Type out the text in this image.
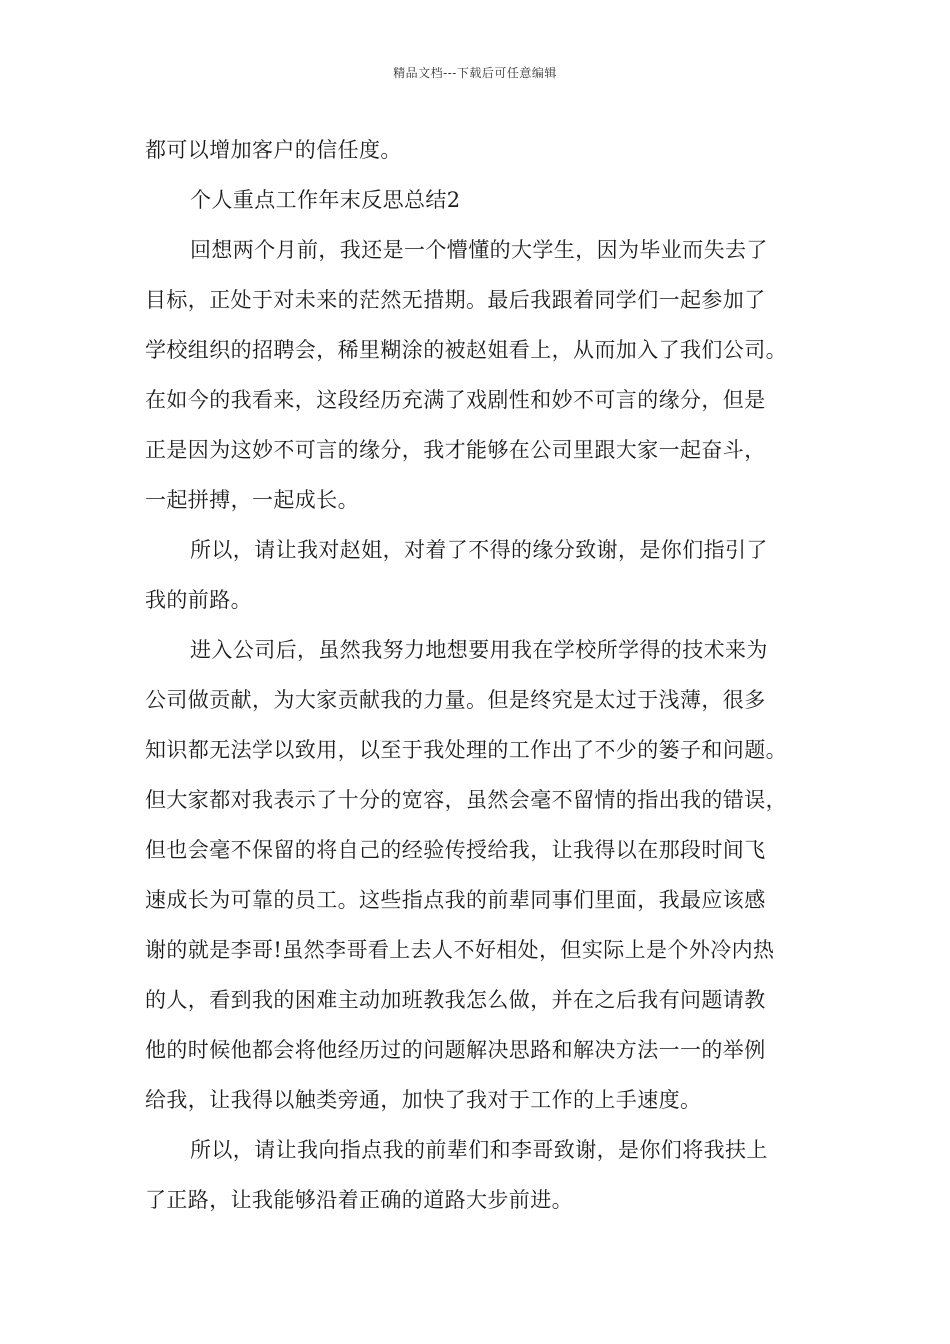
精品文档---下载后可任意编辑
都可以增加客户的信任度。
个人重点工作年末反思总结2
回想两个月前，我还是一个懵懂的大学生，因为毕业而失去了
目标，正处于对未来的茫然无措期。最后我跟着同学们一起参加了
学校组织的招聘会，稀里糊涂的被赵姐看上，从而加入了我们公司。
在如今的我看来，这段经历充满了戏剧性和妙不可言的缘分，但是
正是因为这妙不可言的缘分，我才能够在公司里跟大家一起奋斗，
一起拼搏，一起成长。
所以，请让我对赵姐，对着了不得的缘分致谢，是你们指引了
我的前路。
进入公司后，虽然我努力地想要用我在学校所学得的技术来为
公司做贡献，为大家贡献我的力量。但是终究是太过于浅薄，很多
知识都无法学以致用，以至于我处理的工作出了不少的篓子和问题。
但大家都对我表示了十分的宽容，虽然会毫不留情的指出我的错误，
但也会毫不保留的将自己的经验传授给我，让我得以在那段时间飞
速成长为可靠的员工。这些指点我的前辈同事们里面，我最应该感
谢的就是李哥!虽然李哥看上去人不好相处，但实际上是个外冷内热
的人，看到我的困难主动加班教我怎么做，并在之后我有问题请教
他的时候他都会将他经历过的问题解决思路和解决方法一一的举例
给我，让我得以触类旁通，加快了我对于工作的上手速度。
所以，请让我向指点我的前辈们和李哥致谢，是你们将我扶上
了正路，让我能够沿着正确的道路大步前进。
